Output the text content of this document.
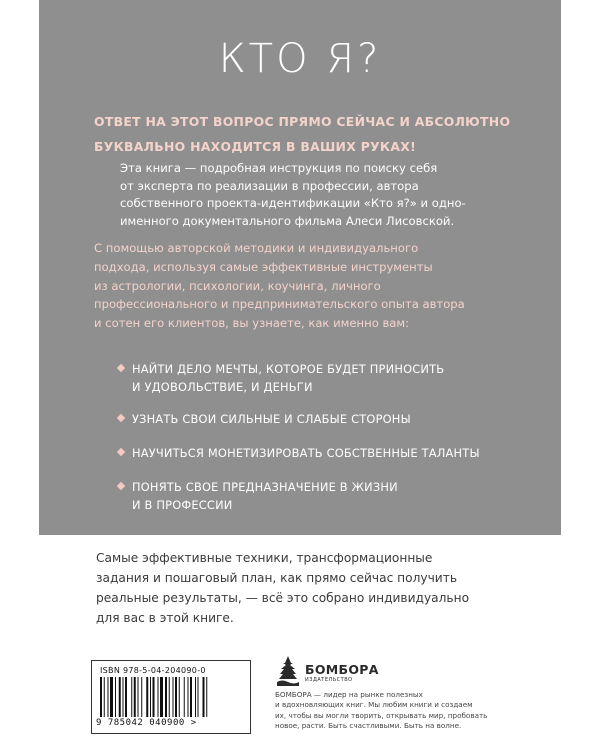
КТО Я?
ОТВЕТ НА ЭТОТ ВОПРОС ПРЯМО СЕЙЧАС И АБСОЛЮТНО
БУКВАЛЬНО НАХОДИТСЯ В ВАШИХ РУКАХ!
Эта книга — подробная инструкция по поиску себя
от эксперта по реализации в профессии, автора
собственного проекта-идентификации «Кто я?» и одно-
именного документального фильма Алеси Лисовской.
С помощью авторской методики и индивидуального
подхода, используя самые эффективные инструменты
из астрологии, психологии, коучинга, личного
профессионального и предпринимательского опыта автора
и сотен его клиентов, вы узнаете, как именно вам:
НАЙТИ ДЕЛО МЕЧТЫ, КОТОРОЕ БУДЕТ ПРИНОСИТЬ
И УДОВОЛЬСТВИЕ, И ДЕНЬГИ
УЗНАТЬ СВОИ СИЛЬНЫЕ И СЛАБЫЕ СТОРОНЫ
НАУЧИТЬСЯ МОНЕТИЗИРОВАТЬ СОБСТВЕННЫЕ ТАЛАНТЫ
ПОНЯТЬ СВОЕ ПРЕДНАЗНАЧЕНИЕ В ЖИЗНИ
И В ПРОФЕССИИ
Самые эффективные техники, трансформационные
задания и пошаговый план, как прямо сейчас получить
реальные результаты, — всё это собрано индивидуально
для вас в этой книге.
ISBN 978-5-04-204090-0
9 785042 040900 >
БОМБОРА
ИЗДАТЕЛЬСТВО
БОМБОРА — лидер на рынке полезных
и вдохновляющих книг. Мы любим книги и создаем
их, чтобы вы могли творить, открывать мир, пробовать
новое, расти. Быть счастливыми. Быть на волне.
